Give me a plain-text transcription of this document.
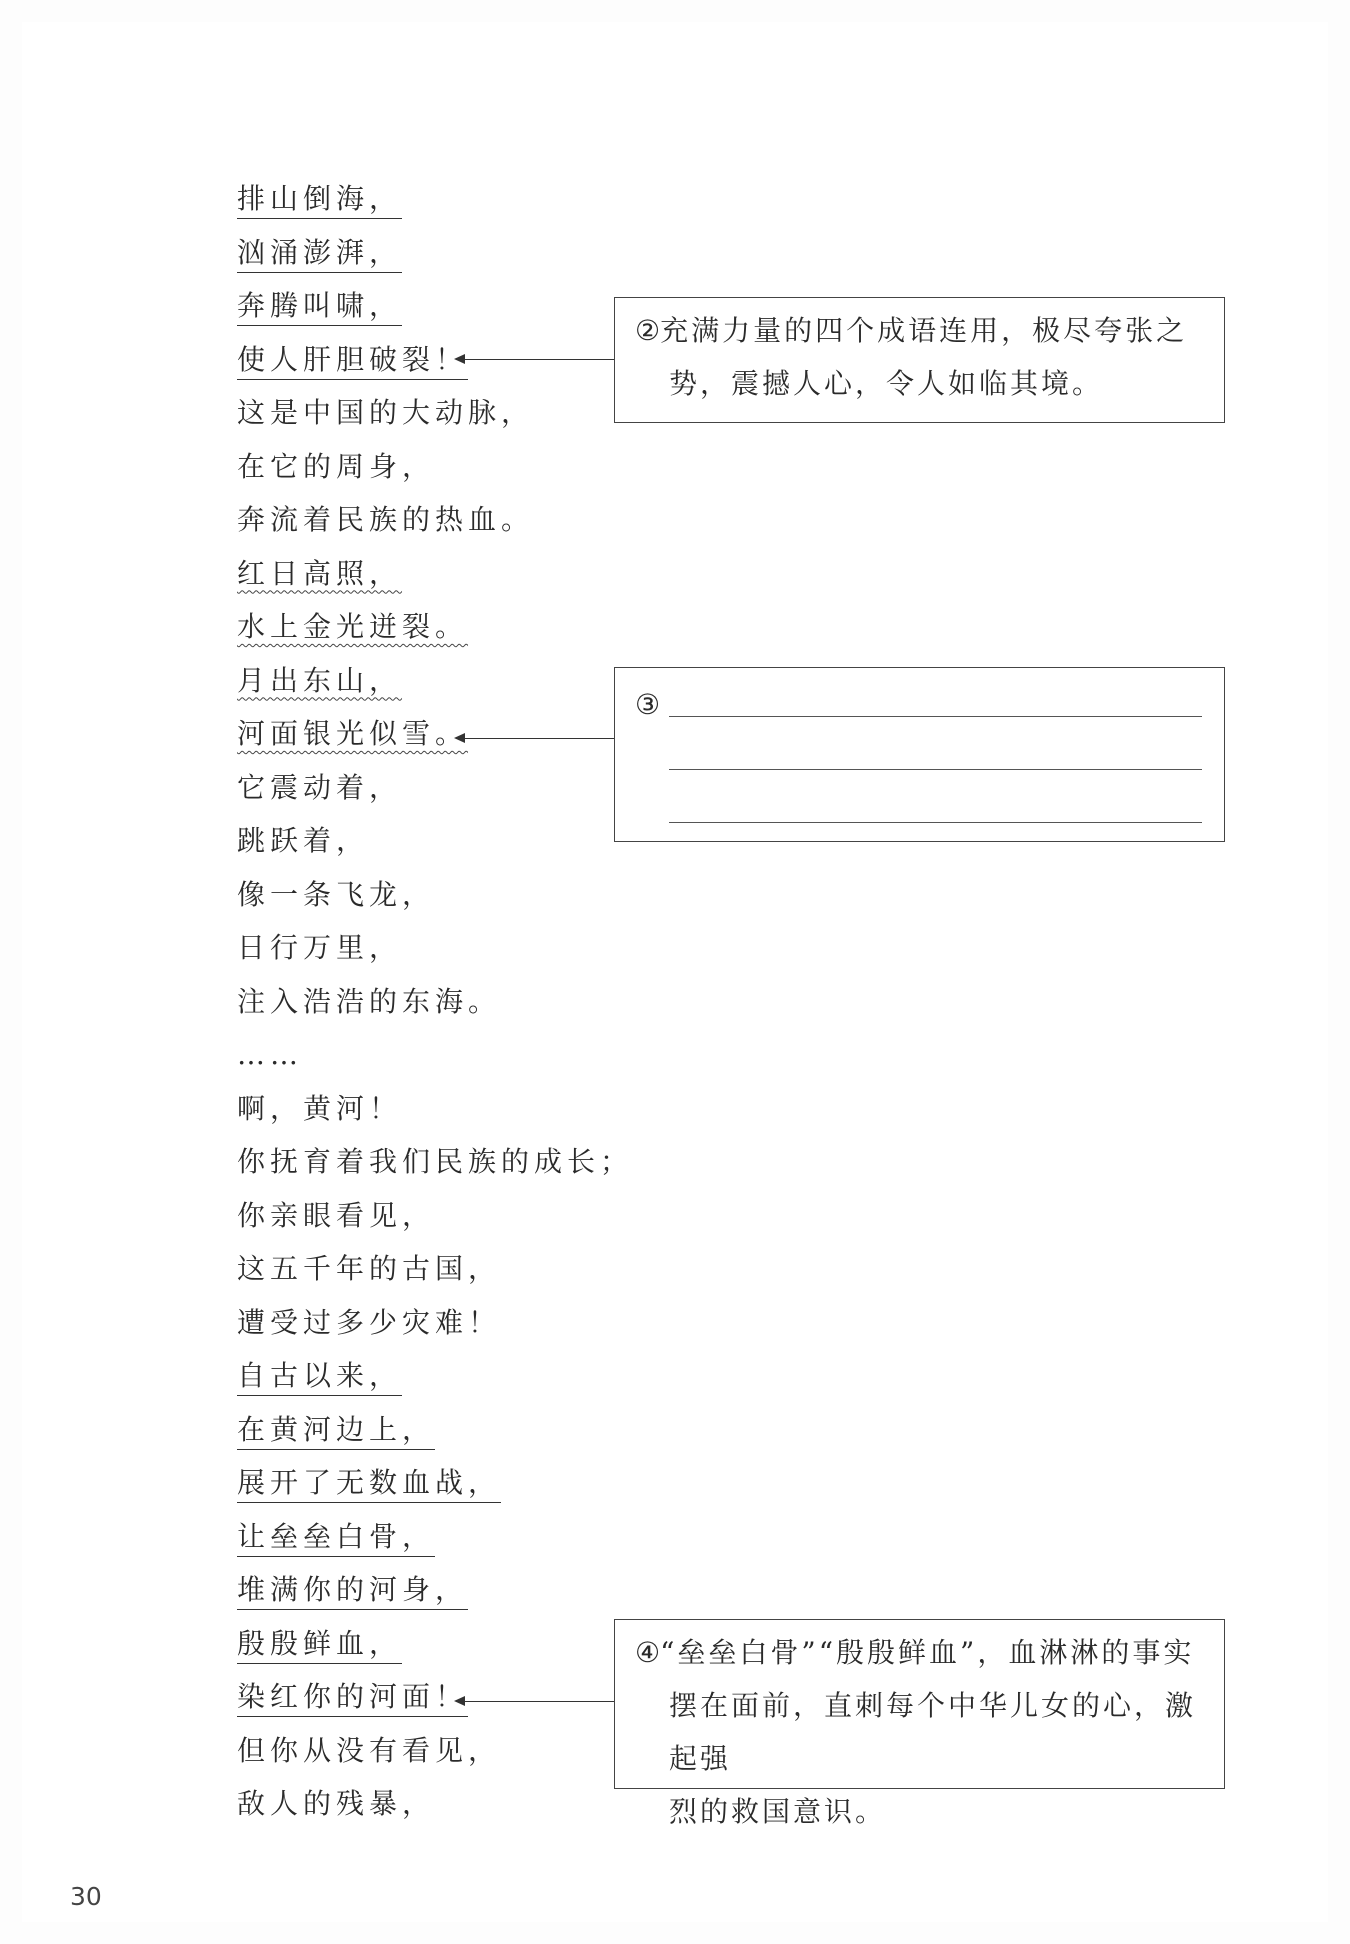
排山倒海，
汹涌澎湃，
奔腾叫啸，
使人肝胆破裂！
这是中国的大动脉，
在它的周身，
奔流着民族的热血。
红日高照，
水上金光迸裂。
月出东山，
河面银光似雪。
它震动着，
跳跃着，
像一条飞龙，
日行万里，
注入浩浩的东海。
……
啊，黄河！
你抚育着我们民族的成长；
你亲眼看见，
这五千年的古国，
遭受过多少灾难！
自古以来，
在黄河边上，
展开了无数血战，
让垒垒白骨，
堆满你的河身，
殷殷鲜血，
染红你的河面！
但你从没有看见，
敌人的残暴，
②充满力量的四个成语连用，极尽夸张之
势，震撼人心，令人如临其境。
③
④“垒垒白骨”“殷殷鲜血”，血淋淋的事实
摆在面前，直刺每个中华儿女的心，激起强
烈的救国意识。
30
